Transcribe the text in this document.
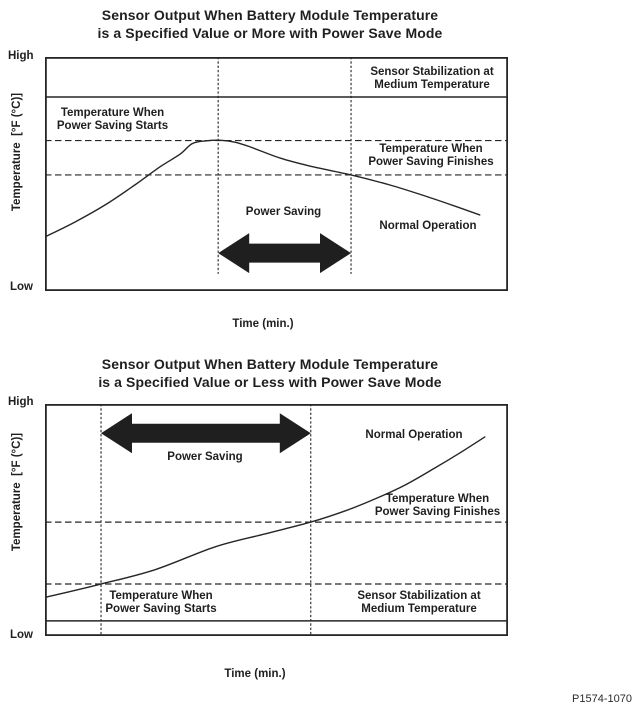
Sensor Output When Battery Module Temperature
is a Specified Value or More with Power Save Mode
High
Low
Temperature  [°F (°C)]	Temperature When
Power Saving Starts
Sensor Stabilization at
Medium Temperature
Temperature When
Power Saving Finishes
Power Saving
Normal Operation
Time (min.)
Sensor Output When Battery Module Temperature
is a Specified Value or Less with Power Save Mode
High
Low
Temperature  [°F (°C)]	Power Saving
Normal Operation
Temperature When
Power Saving Finishes
Temperature When
Power Saving Starts
Sensor Stabilization at
Medium Temperature
Time (min.)
P1574-1070
